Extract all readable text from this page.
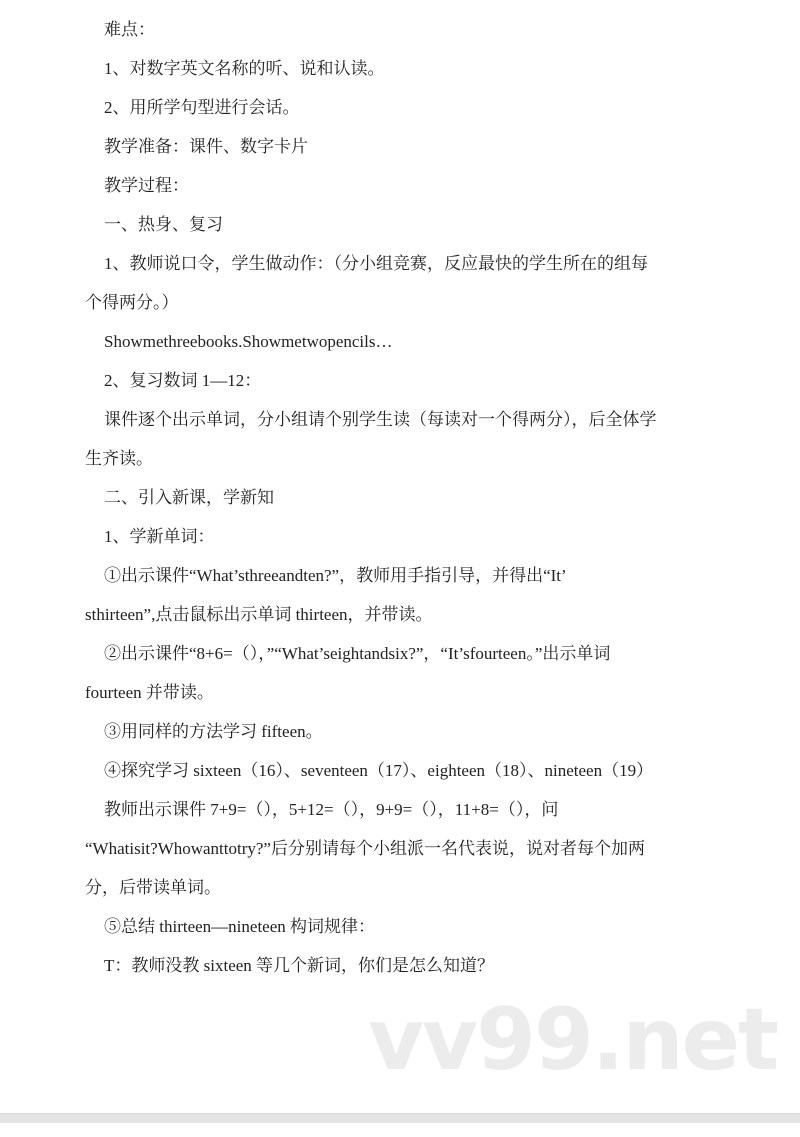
难点：
1、对数字英文名称的听、说和认读。
2、用所学句型进行会话。
教学准备：课件、数字卡片
教学过程：
一、热身、复习
1、教师说口令，学生做动作：（分小组竞赛，反应最快的学生所在的组每
个得两分。）
Showmethreebooks.Showmetwopencils…
2、复习数词 1—12：
课件逐个出示单词，分小组请个别学生读（每读对一个得两分），后全体学
生齐读。
二、引入新课，学新知
1、学新单词：
①出示课件“What’sthreeandten?”，教师用手指引导，并得出“It’
sthirteen”,点击鼠标出示单词 thirteen，并带读。
②出示课件“8+6=（），”“What’seightandsix?”，“It’sfourteen。”出示单词
fourteen 并带读。
③用同样的方法学习 fifteen。
④探究学习 sixteen（16）、seventeen（17）、eighteen（18）、nineteen（19）
教师出示课件 7+9=（），5+12=（），9+9=（），11+8=（），问
“Whatisit?Whowanttotry?”后分别请每个小组派一名代表说，说对者每个加两
分，后带读单词。
⑤总结 thirteen—nineteen 构词规律：
T：教师没教 sixteen 等几个新词，你们是怎么知道？
vv99.net
